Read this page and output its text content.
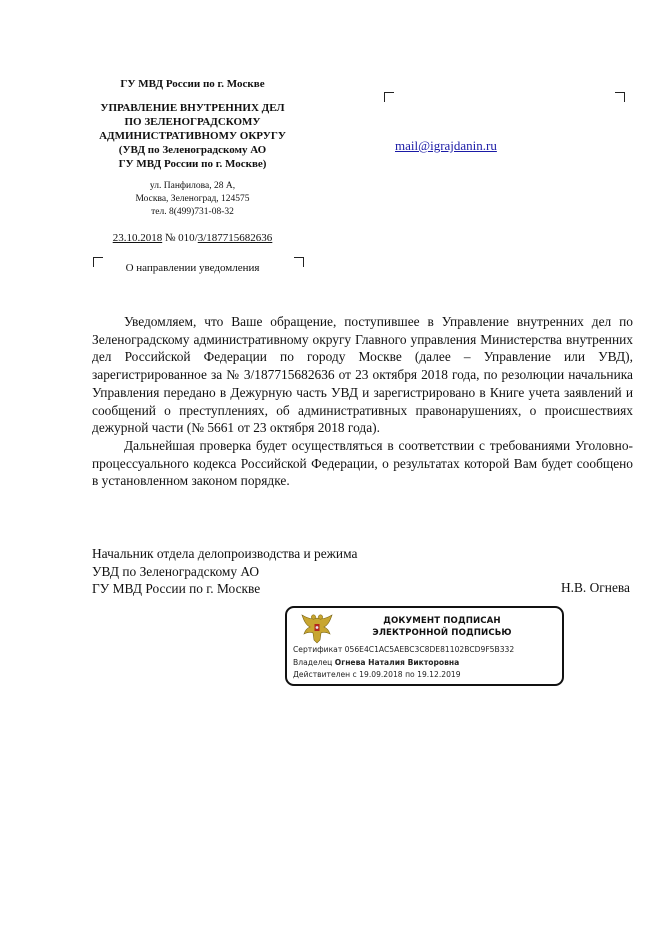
ГУ МВД России по г. Москве
УПРАВЛЕНИЕ ВНУТРЕННИХ ДЕЛ
ПО ЗЕЛЕНОГРАДСКОМУ
АДМИНИСТРАТИВНОМУ ОКРУГУ
(УВД по Зеленоградскому АО
ГУ МВД России по г. Москве)
ул. Панфилова, 28 А,
Москва, Зеленоград, 124575
тел. 8(499)731-08-32
23.10.2018 № 010/3/187715682636
О направлении уведомления
mail@igrajdanin.ru

Уведомляем, что Ваше обращение, поступившее в Управление внутренних дел по Зеленоградскому административному округу Главного управления Министерства внутренних дел Российской Федерации по городу Москве (далее – Управление или УВД), зарегистрированное за № 3/187715682636 от 23 октября 2018 года, по резолюции начальника Управления передано в Дежурную часть УВД и зарегистрировано в Книге учета заявлений и сообщений о преступлениях, об административных правонарушениях, о происшествиях дежурной части (№ 5661 от 23 октября 2018 года).

Дальнейшая проверка будет осуществляться в соответствии с требованиями Уголовно-процессуального кодекса Российской Федерации, о результатах которой Вам будет сообщено в установленном законом порядке.

Начальник отдела делопроизводства и режима
УВД по Зеленоградскому АО
ГУ МВД России по г. Москве	Н.В. Огнева
ДОКУМЕНТ ПОДПИСАН
ЭЛЕКТРОННОЙ ПОДПИСЬЮ
Сертификат 056E4C1AC5AEBC3C8DE81102BCD9F5B332
Владелец Огнева Наталия Викторовна
Действителен с 19.09.2018 по 19.12.2019
